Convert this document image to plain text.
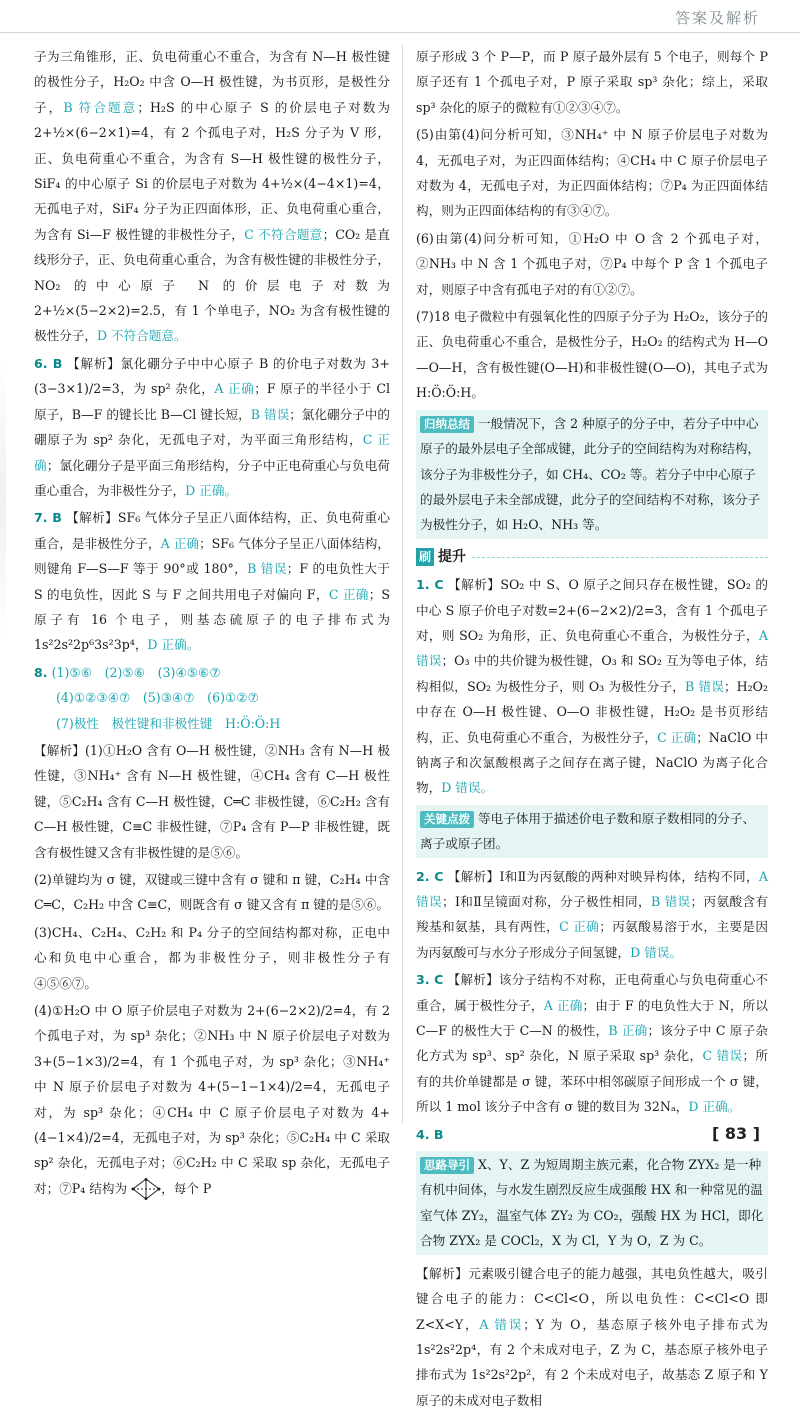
答案及解析

子为三角锥形，正、负电荷重心不重合，为含有 N—H 极性键的极性分子，H₂O₂ 中含 O—H 极性键，为书页形，是极性分子，B 符合题意；H₂S 的中心原子 S 的价层电子对数为 2+½×(6−2×1)=4，有 2 个孤电子对，H₂S 分子为 V 形，正、负电荷重心不重合，为含有 S—H 极性键的极性分子，SiF₄ 的中心原子 Si 的价层电子对数为 4+½×(4−4×1)=4，无孤电子对，SiF₄ 分子为正四面体形，正、负电荷重心重合，为含有 Si—F 极性键的非极性分子，C 不符合题意；CO₂ 是直线形分子，正、负电荷重心重合，为含有极性键的非极性分子，NO₂ 的中心原子 N 的价层电子对数为 2+½×(5−2×2)=2.5，有 1 个单电子，NO₂ 为含有极性键的极性分子，D 不符合题意。

6. B 【解析】氯化硼分子中中心原子 B 的价电子对数为 3+(3−3×1)/2=3，为 sp² 杂化，A 正确；F 原子的半径小于 Cl 原子，B—F 的键长比 B—Cl 键长短，B 错误；氯化硼分子中的硼原子为 sp² 杂化，无孤电子对，为平面三角形结构，C 正确；氯化硼分子是平面三角形结构，分子中正电荷重心与负电荷重心重合，为非极性分子，D 正确。

7. B 【解析】SF₆ 气体分子呈正八面体结构，正、负电荷重心重合，是非极性分子，A 正确；SF₆ 气体分子呈正八面体结构，则键角 F—S—F 等于 90°或 180°，B 错误；F 的电负性大于 S 的电负性，因此 S 与 F 之间共用电子对偏向 F，C 正确；S 原子有 16 个电子，则基态硫原子的电子排布式为 1s²2s²2p⁶3s²3p⁴，D 正确。

8. (1)⑤⑥　(2)⑤⑥　(3)④⑤⑥⑦
(4)①②③④⑦　(5)③④⑦　(6)①②⑦
(7)极性　极性键和非极性键　H:Ö:Ö:H

【解析】(1)①H₂O 含有 O—H 极性键，②NH₃ 含有 N—H 极性键，③NH₄⁺ 含有 N—H 极性键，④CH₄ 含有 C—H 极性键，⑤C₂H₄ 含有 C—H 极性键，C═C 非极性键，⑥C₂H₂ 含有 C—H 极性键，C≡C 非极性键，⑦P₄ 含有 P—P 非极性键，既含有极性键又含有非极性键的是⑤⑥。

(2)单键均为 σ 键，双键或三键中含有 σ 键和 π 键，C₂H₄ 中含 C═C，C₂H₂ 中含 C≡C，则既含有 σ 键又含有 π 键的是⑤⑥。

(3)CH₄、C₂H₄、C₂H₂ 和 P₄ 分子的空间结构都对称，正电中心和负电中心重合，都为非极性分子，则非极性分子有④⑤⑥⑦。

(4)①H₂O 中 O 原子价层电子对数为 2+(6−2×2)/2=4，有 2 个孤电子对，为 sp³ 杂化；②NH₃ 中 N 原子价层电子对数为 3+(5−1×3)/2=4，有 1 个孤电子对，为 sp³ 杂化；③NH₄⁺ 中 N 原子价层电子对数为 4+(5−1−1×4)/2=4，无孤电子对，为 sp³ 杂化；④CH₄ 中 C 原子价层电子对数为 4+(4−1×4)/2=4，无孤电子对，为 sp³ 杂化；⑤C₂H₄ 中 C 采取 sp² 杂化，无孤电子对；⑥C₂H₂ 中 C 采取 sp 杂化，无孤电子对；⑦P₄ 结构为	，每个 P

原子形成 3 个 P—P，而 P 原子最外层有 5 个电子，则每个 P 原子还有 1 个孤电子对，P 原子采取 sp³ 杂化；综上，采取 sp³ 杂化的原子的微粒有①②③④⑦。

(5)由第(4)问分析可知，③NH₄⁺ 中 N 原子价层电子对数为 4，无孤电子对，为正四面体结构；④CH₄ 中 C 原子价层电子对数为 4，无孤电子对，为正四面体结构；⑦P₄ 为正四面体结构，则为正四面体结构的有③④⑦。

(6)由第(4)问分析可知，①H₂O 中 O 含 2 个孤电子对，②NH₃ 中 N 含 1 个孤电子对，⑦P₄ 中每个 P 含 1 个孤电子对，则原子中含有孤电子对的有①②⑦。

(7)18 电子微粒中有强氧化性的四原子分子为 H₂O₂，该分子的正、负电荷重心不重合，是极性分子，H₂O₂ 的结构式为 H—O—O—H，含有极性键(O—H)和非极性键(O—O)，其电子式为 H:Ö:Ö:H。

归纳总结 一般情况下，含 2 种原子的分子中，若分子中中心原子的最外层电子全部成键，此分子的空间结构为对称结构，该分子为非极性分子，如 CH₄、CO₂ 等。若分子中中心原子的最外层电子未全部成键，此分子的空间结构不对称，该分子为极性分子，如 H₂O、NH₃ 等。
刷 提升

1. C 【解析】SO₂ 中 S、O 原子之间只存在极性键，SO₂ 的中心 S 原子价电子对数=2+(6−2×2)/2=3，含有 1 个孤电子对，则 SO₂ 为角形，正、负电荷重心不重合，为极性分子，A 错误；O₃ 中的共价键为极性键，O₃ 和 SO₂ 互为等电子体，结构相似，SO₂ 为极性分子，则 O₃ 为极性分子，B 错误；H₂O₂ 中存在 O—H 极性键、O—O 非极性键，H₂O₂ 是书页形结构，正、负电荷重心不重合，为极性分子，C 正确；NaClO 中钠离子和次氯酸根离子之间存在离子键，NaClO 为离子化合物，D 错误。

关键点拨 等电子体用于描述价电子数和原子数相同的分子、离子或原子团。

2. C 【解析】Ⅰ和Ⅱ为丙氨酸的两种对映异构体，结构不同，A 错误；Ⅰ和Ⅱ呈镜面对称，分子极性相同，B 错误；丙氨酸含有羧基和氨基，具有两性，C 正确；丙氨酸易溶于水，主要是因为丙氨酸可与水分子形成分子间氢键，D 错误。

3. C 【解析】该分子结构不对称，正电荷重心与负电荷重心不重合，属于极性分子，A 正确；由于 F 的电负性大于 N，所以 C—F 的极性大于 C—N 的极性，B 正确；该分子中 C 原子杂化方式为 sp³、sp² 杂化，N 原子采取 sp³ 杂化，C 错误；所有的共价单键都是 σ 键，苯环中相邻碳原子间形成一个 σ 键，所以 1 mol 该分子中含有 σ 键的数目为 32Nₐ，D 正确。

4. B

思路导引 X、Y、Z 为短周期主族元素，化合物 ZYX₂ 是一种有机中间体，与水发生剧烈反应生成强酸 HX 和一种常见的温室气体 ZY₂，温室气体 ZY₂ 为 CO₂，强酸 HX 为 HCl，即化合物 ZYX₂ 是 COCl₂，X 为 Cl，Y 为 O，Z 为 C。

【解析】元素吸引键合电子的能力越强，其电负性越大，吸引键合电子的能力：C<Cl<O，所以电负性：C<Cl<O 即 Z<X<Y，A 错误；Y 为 O，基态原子核外电子排布式为 1s²2s²2p⁴，有 2 个未成对电子，Z 为 C，基态原子核外电子排布式为 1s²2s²2p²，有 2 个未成对电子，故基态 Z 原子和 Y 原子的未成对电子数相

[ 83 ]
